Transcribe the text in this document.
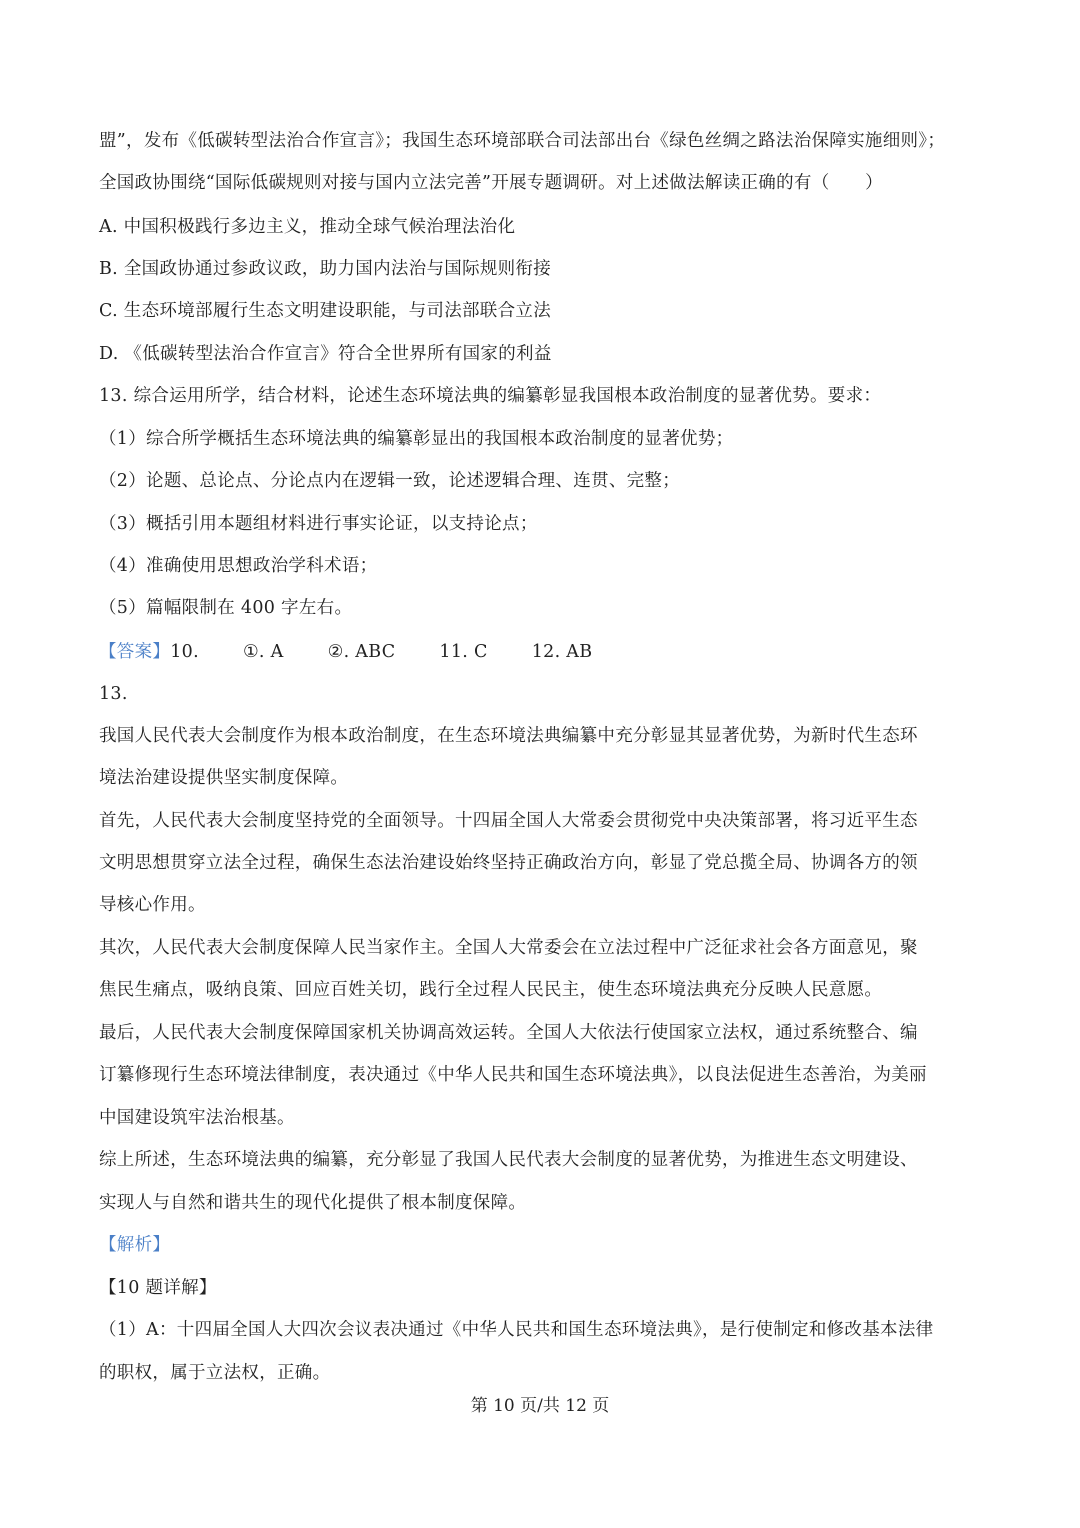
盟”，发布《低碳转型法治合作宣言》；我国生态环境部联合司法部出台《绿色丝绸之路法治保障实施细则》；
全国政协围绕“国际低碳规则对接与国内立法完善”开展专题调研。对上述做法解读正确的有（　　）
A. 中国积极践行多边主义，推动全球气候治理法治化
B. 全国政协通过参政议政，助力国内法治与国际规则衔接
C. 生态环境部履行生态文明建设职能，与司法部联合立法
D. 《低碳转型法治合作宣言》符合全世界所有国家的利益
13. 综合运用所学，结合材料，论述生态环境法典的编纂彰显我国根本政治制度的显著优势。要求：
（1）综合所学概括生态环境法典的编纂彰显出的我国根本政治制度的显著优势；
（2）论题、总论点、分论点内在逻辑一致，论述逻辑合理、连贯、完整；
（3）概括引用本题组材料进行事实论证，以支持论点；
（4）准确使用思想政治学科术语；
（5）篇幅限制在 400 字左右。
【答案】10.	①. A	②. ABC	11. C	12. AB
13.
我国人民代表大会制度作为根本政治制度，在生态环境法典编纂中充分彰显其显著优势，为新时代生态环
境法治建设提供坚实制度保障。
首先，人民代表大会制度坚持党的全面领导。十四届全国人大常委会贯彻党中央决策部署，将习近平生态
文明思想贯穿立法全过程，确保生态法治建设始终坚持正确政治方向，彰显了党总揽全局、协调各方的领
导核心作用。
其次，人民代表大会制度保障人民当家作主。全国人大常委会在立法过程中广泛征求社会各方面意见，聚
焦民生痛点，吸纳良策、回应百姓关切，践行全过程人民民主，使生态环境法典充分反映人民意愿。
最后，人民代表大会制度保障国家机关协调高效运转。全国人大依法行使国家立法权，通过系统整合、编
订纂修现行生态环境法律制度，表决通过《中华人民共和国生态环境法典》，以良法促进生态善治，为美丽
中国建设筑牢法治根基。
综上所述，生态环境法典的编纂，充分彰显了我国人民代表大会制度的显著优势，为推进生态文明建设、
实现人与自然和谐共生的现代化提供了根本制度保障。
【解析】
【10 题详解】
（1）A：十四届全国人大四次会议表决通过《中华人民共和国生态环境法典》，是行使制定和修改基本法律
的职权，属于立法权，正确。
第 10 页/共 12 页
